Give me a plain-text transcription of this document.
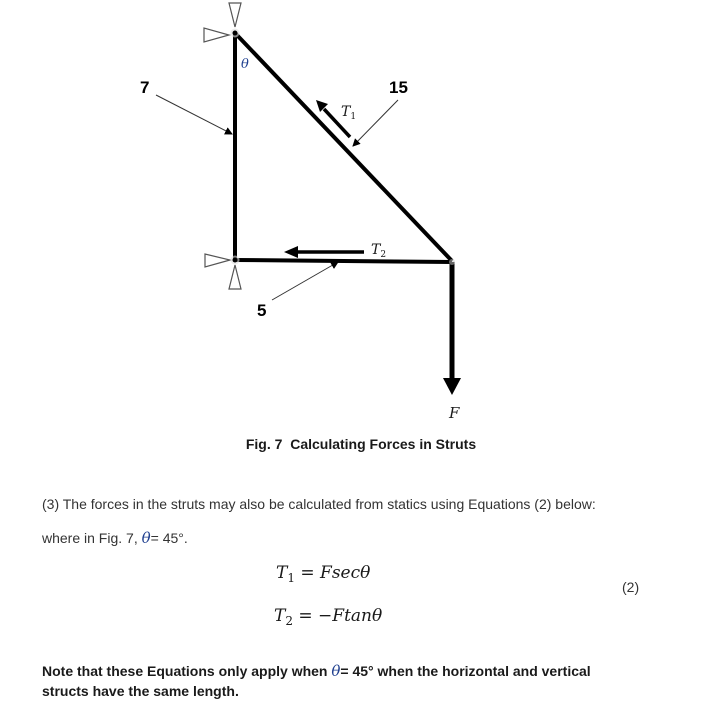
θ
$T_1$
$T_2$
F
7	15
5
Fig. 7 Calculating Forces in Struts
(3) The forces in the struts may also be calculated from statics using Equations (2) below:
where in Fig. 7, θ= 45°.
$T_1 = Fsec\theta$
$T_2 = -Ftan\theta$
(2)
Note that these Equations only apply when θ= 45° when the horizontal and vertical
structs have the same length.
